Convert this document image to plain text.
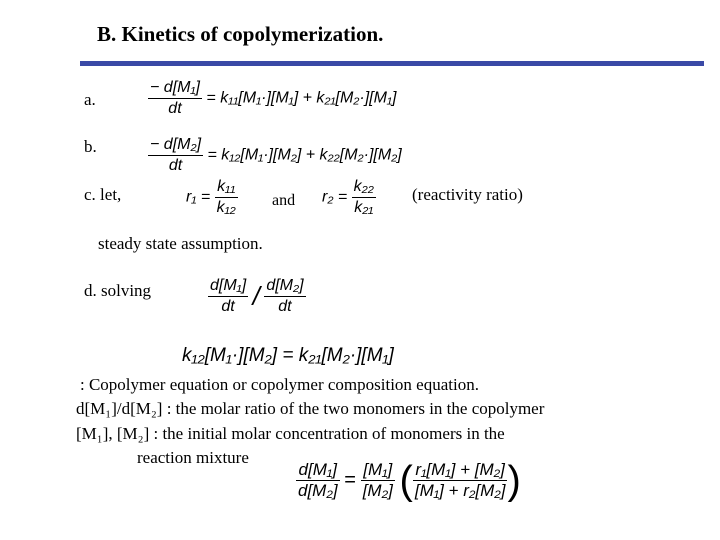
B. Kinetics of copolymerization.
a.	$\frac{\text{− d[M₁]}}{dt} = k_{11}[M_1\cdot][M_1] + k_{21}[M_2\cdot][M_1]$
b.	$\frac{\text{− d[M₂]}}{dt} = k_{12}[M_1\cdot][M_2] + k_{22}[M_2\cdot][M_2]$
c. let,	$r_1 = \frac{\text{k₁₁}}{\text{k₁₂}}$ and $r_2 = \frac{\text{k₂₂}}{\text{k₂₁}}$ (reactivity ratio)
steady state assumption.
d. solving	$\frac{\text{d[M₁]}}{dt} / \frac{\text{d[M₂]}}{dt}$
k₁₂[M₁·][M₂] = k₂₁[M₂·][M₁]
: Copolymer equation or copolymer composition equation.
d[M₁]/d[M₂] : the molar ratio of the two monomers in the copolymer
[M₁], [M₂] : the initial molar concentration of monomers in the
reaction mixture
$\frac{\text{d[M₁]}}{\text{d[M₂]}} = \frac{\text{[M₁]}}{\text{[M₂]}}$ ( $\frac{\text{r₁[M₁] + [M₂]}}{\text{[M₁] + r₂[M₂]}}$ )
